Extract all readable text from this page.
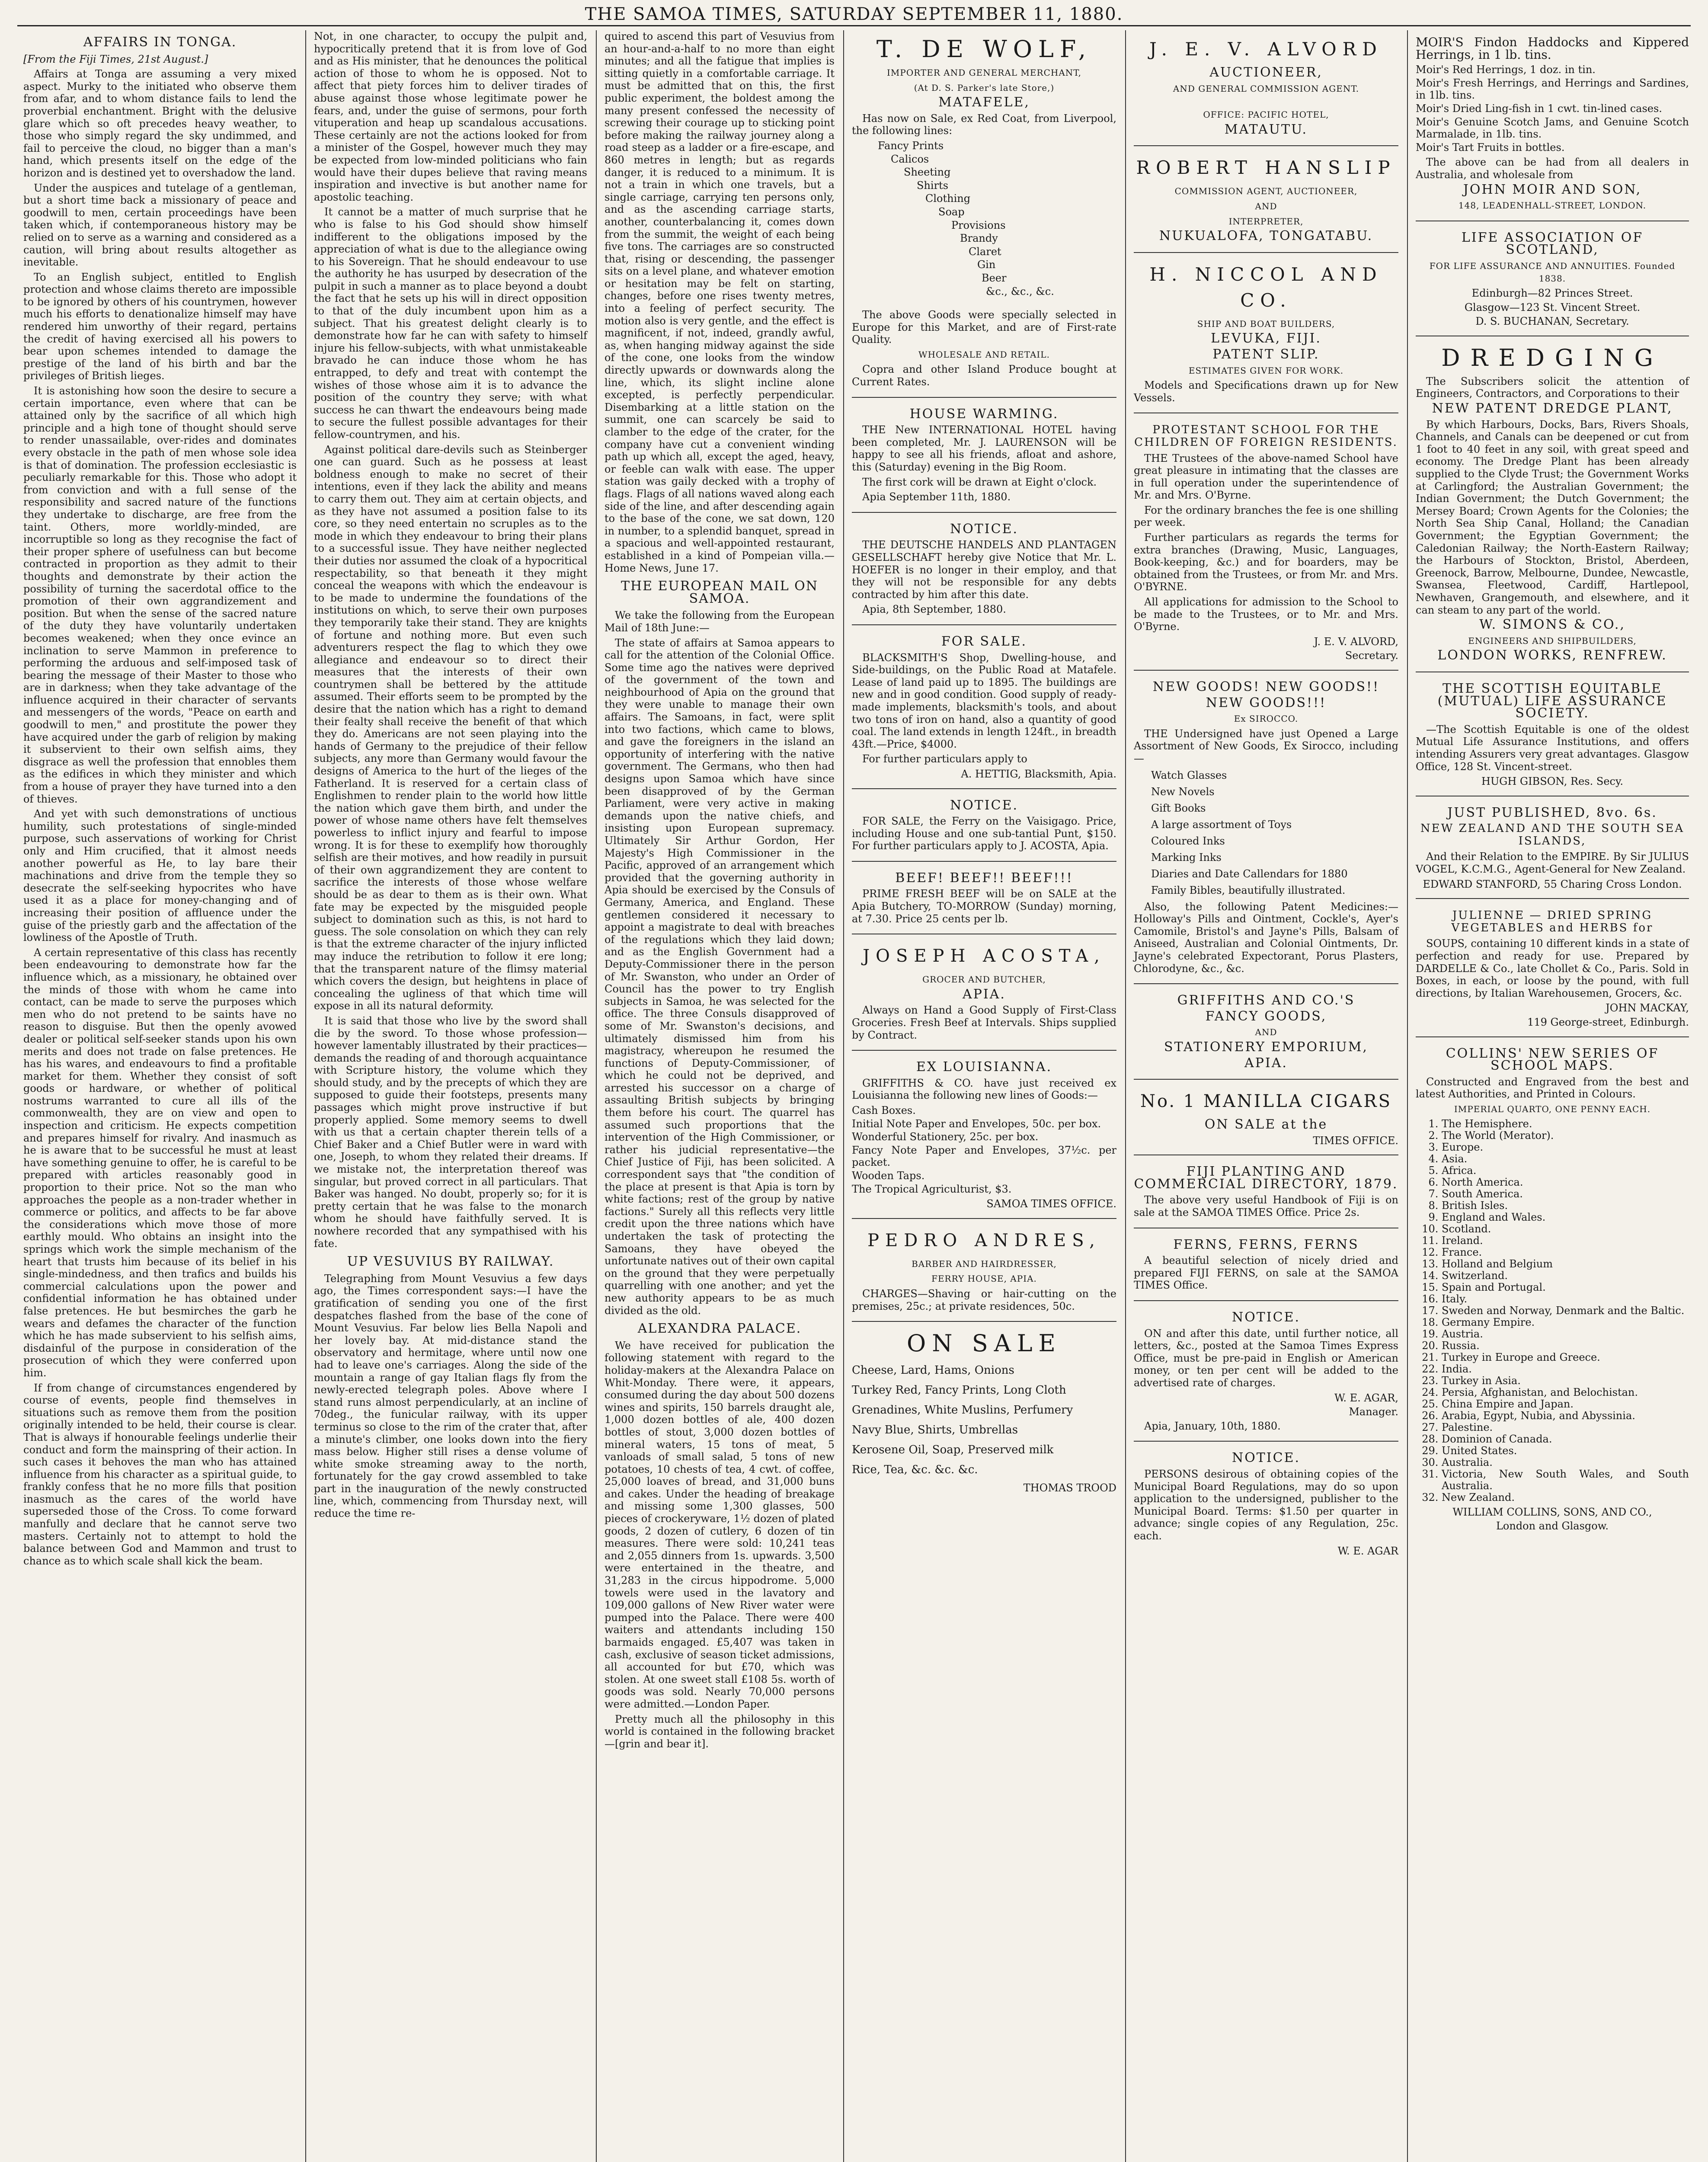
THE SAMOA TIMES, SATURDAY SEPTEMBER 11, 1880.
AFFAIRS IN TONGA.

[From the Fiji Times, 21st August.]

Affairs at Tonga are assuming a very mixed aspect. Murky to the initiated who observe them from afar, and to whom distance fails to lend the proverbial enchantment. Bright with the delusive glare which so oft precedes heavy weather, to those who simply regard the sky undimmed, and fail to perceive the cloud, no bigger than a man's hand, which presents itself on the edge of the horizon and is destined yet to overshadow the land.

Under the auspices and tutelage of a gentleman, but a short time back a missionary of peace and goodwill to men, certain proceedings have been taken which, if contemporaneous history may be relied on to serve as a warning and considered as a caution, will bring about results altogether as inevitable.

To an English subject, entitled to English protection and whose claims thereto are impossible to be ignored by others of his countrymen, however much his efforts to denationalize himself may have rendered him unworthy of their regard, pertains the credit of having exercised all his powers to bear upon schemes intended to damage the prestige of the land of his birth and bar the privileges of British lieges.

It is astonishing how soon the desire to secure a certain importance, even where that can be attained only by the sacrifice of all which high principle and a high tone of thought should serve to render unassailable, over-rides and dominates every obstacle in the path of men whose sole idea is that of domination. The profession ecclesiastic is peculiarly remarkable for this. Those who adopt it from conviction and with a full sense of the responsibility and sacred nature of the functions they undertake to discharge, are free from the taint. Others, more worldly-minded, are incorruptible so long as they recognise the fact of their proper sphere of usefulness can but become contracted in proportion as they admit to their thoughts and demonstrate by their action the possibility of turning the sacerdotal office to the promotion of their own aggrandizement and position. But when the sense of the sacred nature of the duty they have voluntarily undertaken becomes weakened; when they once evince an inclination to serve Mammon in preference to performing the arduous and self-imposed task of bearing the message of their Master to those who are in darkness; when they take advantage of the influence acquired in their character of servants and messengers of the words, "Peace on earth and goodwill to men," and prostitute the power they have acquired under the garb of religion by making it subservient to their own selfish aims, they disgrace as well the profession that ennobles them as the edifices in which they minister and which from a house of prayer they have turned into a den of thieves.

And yet with such demonstrations of unctious humility, such protestations of single-minded purpose, such asservations of working for Christ only and Him crucified, that it almost needs another powerful as He, to lay bare their machinations and drive from the temple they so desecrate the self-seeking hypocrites who have used it as a place for money-changing and of increasing their position of affluence under the guise of the priestly garb and the affectation of the lowliness of the Apostle of Truth.

A certain representative of this class has recently been endeavouring to demonstrate how far the influence which, as a missionary, he obtained over the minds of those with whom he came into contact, can be made to serve the purposes which men who do not pretend to be saints have no reason to disguise. But then the openly avowed dealer or political self-seeker stands upon his own merits and does not trade on false pretences. He has his wares, and endeavours to find a profitable market for them. Whether they consist of soft goods or hardware, or whether of political nostrums warranted to cure all ills of the commonwealth, they are on view and open to inspection and criticism. He expects competition and prepares himself for rivalry. And inasmuch as he is aware that to be successful he must at least have something genuine to offer, he is careful to be prepared with articles reasonably good in proportion to their price. Not so the man who approaches the people as a non-trader whether in commerce or politics, and affects to be far above the considerations which move those of more earthly mould. Who obtains an insight into the springs which work the simple mechanism of the heart that trusts him because of its belief in his single-mindedness, and then trafics and builds his commercial calculations upon the power and confidential information he has obtained under false pretences. He but besmirches the garb he wears and defames the character of the function which he has made subservient to his selfish aims, disdainful of the purpose in consideration of the prosecution of which they were conferred upon him.

If from change of circumstances engendered by course of events, people find themselves in situations such as remove them from the position originally intended to be held, their course is clear. That is always if honourable feelings underlie their conduct and form the mainspring of their action. In such cases it behoves the man who has attained influence from his character as a spiritual guide, to frankly confess that he no more fills that position inasmuch as the cares of the world have superseded those of the Cross. To come forward manfully and declare that he cannot serve two masters. Certainly not to attempt to hold the balance between God and Mammon and trust to chance as to which scale shall kick the beam.

Not, in one character, to occupy the pulpit and, hypocritically pretend that it is from love of God and as His minister, that he denounces the political action of those to whom he is opposed. Not to affect that piety forces him to deliver tirades of abuse against those whose legitimate power he fears, and, under the guise of sermons, pour forth vituperation and heap up scandalous accusations. These certainly are not the actions looked for from a minister of the Gospel, however much they may be expected from low-minded politicians who fain would have their dupes believe that raving means inspiration and invective is but another name for apostolic teaching.

It cannot be a matter of much surprise that he who is false to his God should show himself indifferent to the obligations imposed by the appreciation of what is due to the allegiance owing to his Sovereign. That he should endeavour to use the authority he has usurped by desecration of the pulpit in such a manner as to place beyond a doubt the fact that he sets up his will in direct opposition to that of the duly incumbent upon him as a subject. That his greatest delight clearly is to demonstrate how far he can with safety to himself injure his fellow-subjects, with what unmistakeable bravado he can induce those whom he has entrapped, to defy and treat with contempt the wishes of those whose aim it is to advance the position of the country they serve; with what success he can thwart the endeavours being made to secure the fullest possible advantages for their fellow-countrymen, and his.

Against political dare-devils such as Steinberger one can guard. Such as he possess at least boldness enough to make no secret of their intentions, even if they lack the ability and means to carry them out. They aim at certain objects, and as they have not assumed a position false to its core, so they need entertain no scruples as to the mode in which they endeavour to bring their plans to a successful issue. They have neither neglected their duties nor assumed the cloak of a hypocritical respectability, so that beneath it they might conceal the weapons with which the endeavour is to be made to undermine the foundations of the institutions on which, to serve their own purposes they temporarily take their stand. They are knights of fortune and nothing more. But even such adventurers respect the flag to which they owe allegiance and endeavour so to direct their measures that the interests of their own countrymen shall be bettered by the attitude assumed. Their efforts seem to be prompted by the desire that the nation which has a right to demand their fealty shall receive the benefit of that which they do. Americans are not seen playing into the hands of Germany to the prejudice of their fellow subjects, any more than Germany would favour the designs of America to the hurt of the lieges of the Fatherland. It is reserved for a certain class of Englishmen to render plain to the world how little the nation which gave them birth, and under the power of whose name others have felt themselves powerless to inflict injury and fearful to impose wrong. It is for these to exemplify how thoroughly selfish are their motives, and how readily in pursuit of their own aggrandizement they are content to sacrifice the interests of those whose welfare should be as dear to them as is their own. What fate may be expected by the misguided people subject to domination such as this, is not hard to guess. The sole consolation on which they can rely is that the extreme character of the injury inflicted may induce the retribution to follow it ere long; that the transparent nature of the flimsy material which covers the design, but heightens in place of concealing the ugliness of that which time will expose in all its natural deformity.

It is said that those who live by the sword shall die by the sword. To those whose profession—however lamentably illustrated by their practices—demands the reading of and thorough acquaintance with Scripture history, the volume which they should study, and by the precepts of which they are supposed to guide their footsteps, presents many passages which might prove instructive if but properly applied. Some memory seems to dwell with us that a certain chapter therein tells of a Chief Baker and a Chief Butler were in ward with one, Joseph, to whom they related their dreams. If we mistake not, the interpretation thereof was singular, but proved correct in all particulars. That Baker was hanged. No doubt, properly so; for it is pretty certain that he was false to the monarch whom he should have faithfully served. It is nowhere recorded that any sympathised with his fate.

UP VESUVIUS BY RAILWAY.

Telegraphing from Mount Vesuvius a few days ago, the Times correspondent says:—I have the gratification of sending you one of the first despatches flashed from the base of the cone of Mount Vesuvius. Far below lies Bella Napoli and her lovely bay. At mid-distance stand the observatory and hermitage, where until now one had to leave one's carriages. Along the side of the mountain a range of gay Italian flags fly from the newly-erected telegraph poles. Above where I stand runs almost perpendicularly, at an incline of 70deg., the funicular railway, with its upper terminus so close to the rim of the crater that, after a minute's climber, one looks down into the fiery mass below. Higher still rises a dense volume of white smoke streaming away to the north, fortunately for the gay crowd assembled to take part in the inauguration of the newly constructed line, which, commencing from Thursday next, will reduce the time re-

quired to ascend this part of Vesuvius from an hour-and-a-half to no more than eight minutes; and all the fatigue that implies is sitting quietly in a comfortable carriage. It must be admitted that on this, the first public experiment, the boldest among the many present confessed the necessity of screwing their courage up to sticking point before making the railway journey along a road steep as a ladder or a fire-escape, and 860 metres in length; but as regards danger, it is reduced to a minimum. It is not a train in which one travels, but a single carriage, carrying ten persons only, and as the ascending carriage starts, another, counterbalancing it, comes down from the summit, the weight of each being five tons. The carriages are so constructed that, rising or descending, the passenger sits on a level plane, and whatever emotion or hesitation may be felt on starting, changes, before one rises twenty metres, into a feeling of perfect security. The motion also is very gentle, and the effect is magnificent, if not, indeed, grandly awful, as, when hanging midway against the side of the cone, one looks from the window directly upwards or downwards along the line, which, its slight incline alone excepted, is perfectly perpendicular. Disembarking at a little station on the summit, one can scarcely be said to clamber to the edge of the crater, for the company have cut a convenient winding path up which all, except the aged, heavy, or feeble can walk with ease. The upper station was gaily decked with a trophy of flags. Flags of all nations waved along each side of the line, and after descending again to the base of the cone, we sat down, 120 in number, to a splendid banquet, spread in a spacious and well-appointed restaurant, established in a kind of Pompeian villa.—Home News, June 17.

THE EUROPEAN MAIL ON SAMOA.

We take the following from the European Mail of 18th June:—

The state of affairs at Samoa appears to call for the attention of the Colonial Office. Some time ago the natives were deprived of the government of the town and neighbourhood of Apia on the ground that they were unable to manage their own affairs. The Samoans, in fact, were split into two factions, which came to blows, and gave the foreigners in the island an opportunity of interfering with the native government. The Germans, who then had designs upon Samoa which have since been disapproved of by the German Parliament, were very active in making demands upon the native chiefs, and insisting upon European supremacy. Ultimately Sir Arthur Gordon, Her Majesty's High Commissioner in the Pacific, approved of an arrangement which provided that the governing authority in Apia should be exercised by the Consuls of Germany, America, and England. These gentlemen considered it necessary to appoint a magistrate to deal with breaches of the regulations which they laid down; and as the English Government had a Deputy-Commissioner there in the person of Mr. Swanston, who under an Order of Council has the power to try English subjects in Samoa, he was selected for the office. The three Consuls disapproved of some of Mr. Swanston's decisions, and ultimately dismissed him from his magistracy, whereupon he resumed the functions of Deputy-Commissioner, of which he could not be deprived, and arrested his successor on a charge of assaulting British subjects by bringing them before his court. The quarrel has assumed such proportions that the intervention of the High Commissioner, or rather his judicial representative—the Chief Justice of Fiji, has been solicited. A correspondent says that "the condition of the place at present is that Apia is torn by white factions; rest of the group by native factions." Surely all this reflects very little credit upon the three nations which have undertaken the task of protecting the Samoans, they have obeyed the unfortunate natives out of their own capital on the ground that they were perpetually quarrelling with one another; and yet the new authority appears to be as much divided as the old.

ALEXANDRA PALACE.

We have received for publication the following statement with regard to the holiday-makers at the Alexandra Palace on Whit-Monday. There were, it appears, consumed during the day about 500 dozens wines and spirits, 150 barrels draught ale, 1,000 dozen bottles of ale, 400 dozen bottles of stout, 3,000 dozen bottles of mineral waters, 15 tons of meat, 5 vanloads of small salad, 5 tons of new potatoes, 10 chests of tea, 4 cwt. of coffee, 25,000 loaves of bread, and 31,000 buns and cakes. Under the heading of breakage and missing some 1,300 glasses, 500 pieces of crockeryware, 1½ dozen of plated goods, 2 dozen of cutlery, 6 dozen of tin measures. There were sold: 10,241 teas and 2,055 dinners from 1s. upwards. 3,500 were entertained in the theatre, and 31,283 in the circus hippodrome. 5,000 towels were used in the lavatory and 109,000 gallons of New River water were pumped into the Palace. There were 400 waiters and attendants including 150 barmaids engaged. £5,407 was taken in cash, exclusive of season ticket admissions, all accounted for but £70, which was stolen. At one sweet stall £108 5s. worth of goods was sold. Nearly 70,000 persons were admitted.—London Paper.

Pretty much all the philosophy in this world is contained in the following bracket—[grin and bear it].

T. DE WOLF,
IMPORTER AND GENERAL MERCHANT,
(At D. S. Parker's late Store,)
MATAFELE,

Has now on Sale, ex Red Coat, from Liverpool, the following lines:

Fancy Prints
Calicos
Sheeting
Shirts
Clothing
Soap
Provisions
Brandy
Claret
Gin
Beer
&c., &c., &c.

The above Goods were specially selected in Europe for this Market, and are of First-rate Quality.

WHOLESALE AND RETAIL.

Copra and other Island Produce bought at Current Rates.

HOUSE WARMING.

THE New INTERNATIONAL HOTEL having been completed, Mr. J. LAURENSON will be happy to see all his friends, afloat and ashore, this (Saturday) evening in the Big Room.

The first cork will be drawn at Eight o'clock.

Apia September 11th, 1880.

NOTICE.

THE DEUTSCHE HANDELS AND PLANTAGEN GESELLSCHAFT hereby give Notice that Mr. L. HOEFER is no longer in their employ, and that they will not be responsible for any debts contracted by him after this date.

Apia, 8th September, 1880.

FOR SALE.

BLACKSMITH'S Shop, Dwelling-house, and Side-buildings, on the Public Road at Matafele. Lease of land paid up to 1895. The buildings are new and in good condition. Good supply of ready-made implements, blacksmith's tools, and about two tons of iron on hand, also a quantity of good coal. The land extends in length 124ft., in breadth 43ft.—Price, $4000.

For further particulars apply to

A. HETTIG, Blacksmith, Apia.

NOTICE.

FOR SALE, the Ferry on the Vaisigago. Price, including House and one sub-tantial Punt, $150. For further particulars apply to J. ACOSTA, Apia.

BEEF! BEEF!! BEEF!!!

PRIME FRESH BEEF will be on SALE at the Apia Butchery, TO-MORROW (Sunday) morning, at 7.30. Price 25 cents per lb.

JOSEPH ACOSTA,
GROCER AND BUTCHER,
APIA.

Always on Hand a Good Supply of First-Class Groceries. Fresh Beef at Intervals. Ships supplied by Contract.

EX LOUISIANNA.

GRIFFITHS & CO. have just received ex Louisianna the following new lines of Goods:—

Cash Boxes.
Initial Note Paper and Envelopes, 50c. per box.
Wonderful Stationery, 25c. per box.
Fancy Note Paper and Envelopes, 37½c. per packet.
Wooden Taps.
The Tropical Agriculturist, $3.

SAMOA TIMES OFFICE.

PEDRO ANDRES,
BARBER AND HAIRDRESSER,
FERRY HOUSE, APIA.

CHARGES—Shaving or hair-cutting on the premises, 25c.; at private residences, 50c.

ON SALE
Cheese, Lard, Hams, Onions
Turkey Red, Fancy Prints, Long Cloth
Grenadines, White Muslins, Perfumery
Navy Blue, Shirts, Umbrellas
Kerosene Oil, Soap, Preserved milk
Rice, Tea, &c. &c. &c.

THOMAS TROOD

J. E. V. ALVORD
AUCTIONEER,
AND GENERAL COMMISSION AGENT.
OFFICE: PACIFIC HOTEL,
MATAUTU.
ROBERT HANSLIP
COMMISSION AGENT, AUCTIONEER,
AND
INTERPRETER,
NUKUALOFA, TONGATABU.
H. NICCOL AND CO.
SHIP AND BOAT BUILDERS,
LEVUKA, FIJI.
PATENT SLIP.
ESTIMATES GIVEN FOR WORK.

Models and Specifications drawn up for New Vessels.

PROTESTANT SCHOOL FOR THE CHILDREN OF FOREIGN RESIDENTS.

THE Trustees of the above-named School have great pleasure in intimating that the classes are in full operation under the superintendence of Mr. and Mrs. O'Byrne.

For the ordinary branches the fee is one shilling per week.

Further particulars as regards the terms for extra branches (Drawing, Music, Languages, Book-keeping, &c.) and for boarders, may be obtained from the Trustees, or from Mr. and Mrs. O'BYRNE.

All applications for admission to the School to be made to the Trustees, or to Mr. and Mrs. O'Byrne.

J. E. V. ALVORD,

Secretary.

NEW GOODS! NEW GOODS!!
NEW GOODS!!!
Ex SIROCCO.

THE Undersigned have just Opened a Large Assortment of New Goods, Ex Sirocco, including—

Watch Glasses
New Novels
Gift Books
A large assortment of Toys
Coloured Inks
Marking Inks
Diaries and Date Callendars for 1880
Family Bibles, beautifully illustrated.

Also, the following Patent Medicines:—Holloway's Pills and Ointment, Cockle's, Ayer's Camomile, Bristol's and Jayne's Pills, Balsam of Aniseed, Australian and Colonial Ointments, Dr. Jayne's celebrated Expectorant, Porus Plasters, Chlorodyne, &c., &c.

GRIFFITHS AND CO.'S
FANCY GOODS,
AND
STATIONERY EMPORIUM,
APIA.
No. 1 MANILLA CIGARS
ON SALE at the

TIMES OFFICE.

FIJI PLANTING AND COMMERCIAL DIRECTORY, 1879.

The above very useful Handbook of Fiji is on sale at the SAMOA TIMES Office. Price 2s.

FERNS, FERNS, FERNS

A beautiful selection of nicely dried and prepared FIJI FERNS, on sale at the SAMOA TIMES Office.

NOTICE.

ON and after this date, until further notice, all letters, &c., posted at the Samoa Times Express Office, must be pre-paid in English or American money, or ten per cent will be added to the advertised rate of charges.

W. E. AGAR,

Manager.

Apia, January, 10th, 1880.

NOTICE.

PERSONS desirous of obtaining copies of the Municipal Board Regulations, may do so upon application to the undersigned, publisher to the Municipal Board. Terms: $1.50 per quarter in advance; single copies of any Regulation, 25c. each.

W. E. AGAR

MOIR'S Findon Haddocks and Kippered Herrings, in 1 lb. tins.

Moir's Red Herrings, 1 doz. in tin.
Moir's Fresh Herrings, and Herrings and Sardines, in 1lb. tins.
Moir's Dried Ling-fish in 1 cwt. tin-lined cases.
Moir's Genuine Scotch Jams, and Genuine Scotch Marmalade, in 1lb. tins.
Moir's Tart Fruits in bottles.

The above can be had from all dealers in Australia, and wholesale from

JOHN MOIR AND SON,
148, LEADENHALL-STREET, LONDON.
LIFE ASSOCIATION OF SCOTLAND,
FOR LIFE ASSURANCE AND ANNUITIES. Founded 1838.

Edinburgh—82 Princes Street.

Glasgow—123 St. Vincent Street.

D. S. BUCHANAN, Secretary.

DREDGING

The Subscribers solicit the attention of Engineers, Contractors, and Corporations to their

NEW PATENT DREDGE PLANT,

By which Harbours, Docks, Bars, Rivers Shoals, Channels, and Canals can be deepened or cut from 1 foot to 40 feet in any soil, with great speed and economy. The Dredge Plant has been already supplied to the Clyde Trust; the Government Works at Carlingford; the Australian Government; the Indian Government; the Dutch Government; the Mersey Board; Crown Agents for the Colonies; the North Sea Ship Canal, Holland; the Canadian Government; the Egyptian Government; the Caledonian Railway; the North-Eastern Railway; the Harbours of Stockton, Bristol, Aberdeen, Greenock, Barrow, Melbourne, Dundee, Newcastle, Swansea, Fleetwood, Cardiff, Hartlepool, Newhaven, Grangemouth, and elsewhere, and it can steam to any part of the world.

W. SIMONS & CO.,
ENGINEERS AND SHIPBUILDERS,
LONDON WORKS, RENFREW.
THE SCOTTISH EQUITABLE (MUTUAL) LIFE ASSURANCE SOCIETY.

—The Scottish Equitable is one of the oldest Mutual Life Assurance Institutions, and offers intending Assurers very great advantages. Glasgow Office, 128 St. Vincent-street.

HUGH GIBSON, Res. Secy.

JUST PUBLISHED, 8vo. 6s.
NEW ZEALAND AND THE SOUTH SEA ISLANDS,

And their Relation to the EMPIRE. By Sir JULIUS VOGEL, K.C.M.G., Agent-General for New Zealand.

EDWARD STANFORD, 55 Charing Cross London.

JULIENNE — DRIED SPRING VEGETABLES and HERBS for

SOUPS, containing 10 different kinds in a state of perfection and ready for use. Prepared by DARDELLE & Co., late Chollet & Co., Paris. Sold in Boxes, in each, or loose by the pound, with full directions, by Italian Warehousemen, Grocers, &c.

JOHN MACKAY,

119 George-street, Edinburgh.

COLLINS' NEW SERIES OF SCHOOL MAPS.

Constructed and Engraved from the best and latest Authorities, and Printed in Colours.

IMPERIAL QUARTO, ONE PENNY EACH.
1. The Hemisphere.
2. The World (Merator).
3. Europe.
4. Asia.
5. Africa.
6. North America.
7. South America.
8. British Isles.
9. England and Wales.
10. Scotland.
11. Ireland.
12. France.
13. Holland and Belgium
14. Switzerland.
15. Spain and Portugal.
16. Italy.
17. Sweden and Norway, Denmark and the Baltic.
18. Germany Empire.
19. Austria.
20. Russia.
21. Turkey in Europe and Greece.
22. India.
23. Turkey in Asia.
24. Persia, Afghanistan, and Belochistan.
25. China Empire and Japan.
26. Arabia, Egypt, Nubia, and Abyssinia.
27. Palestine.
28. Dominion of Canada.
29. United States.
30. Australia.
31. Victoria, New South Wales, and South Australia.
32. New Zealand.

WILLIAM COLLINS, SONS, AND CO.,

London and Glasgow.
